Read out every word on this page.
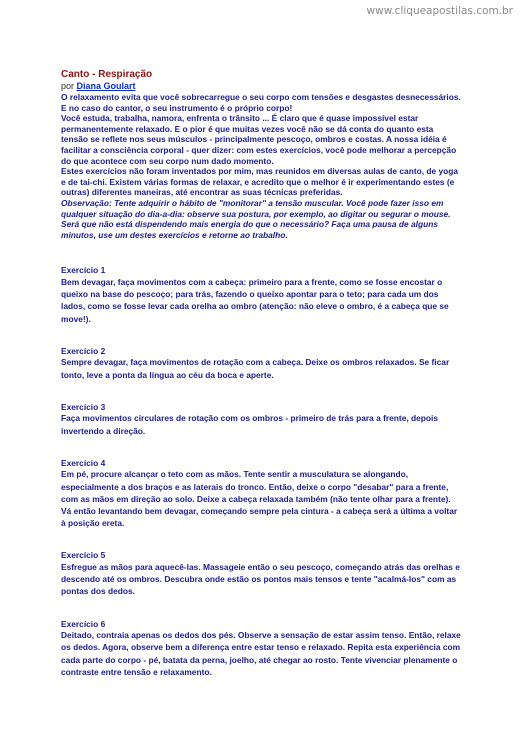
www.cliqueapostilas.com.br
Canto - Respiração
por Diana Goulart

O relaxamento evita que você sobrecarregue o seu corpo com tensões e desgastes desnecessários. E no caso do cantor, o seu instrumento é o próprio corpo!

Você estuda, trabalha, namora, enfrenta o trânsito ... É claro que é quase impossível estar permanentemente relaxado. E o pior é que muitas vezes você não se dá conta do quanto esta tensão se reflete nos seus músculos - principalmente pescoço, ombros e costas. A nossa idéia é facilitar a consciência corporal - quer dizer: com estes exercícios, você pode melhorar a percepção do que acontece com seu corpo num dado momento.

Estes exercícios não foram inventados por mim, mas reunidos em diversas aulas de canto, de yoga e de tai-chi. Existem várias formas de relaxar, e acredito que o melhor é ir experimentando estes (e outras) diferentes maneiras, até encontrar as suas técnicas preferidas.

Observação: Tente adquirir o hábito de "monitorar" a tensão muscular. Você pode fazer isso em qualquer situação do dia-a-dia: observe sua postura, por exemplo, ao digitar ou segurar o mouse. Será que não está dispendendo mais energia do que o necessário? Faça uma pausa de alguns minutos, use um destes exercícios e retorne ao trabalho.

Exercício 1

Bem devagar, faça movimentos com a cabeça: primeiro para a frente, como se fosse encostar o queixo na base do pescoço; para trás, fazendo o queixo apontar para o teto; para cada um dos lados, como se fosse levar cada orelha ao ombro (atenção: não eleve o ombro, é a cabeça que se move!).

Exercício 2

Sempre devagar, faça movimentos de rotação com a cabeça. Deixe os ombros relaxados. Se ficar tonto, leve a ponta da língua ao céu da boca e aperte.

Exercício 3

Faça movimentos circulares de rotação com os ombros - primeiro de trás para a frente, depois invertendo a direção.

Exercício 4

Em pé, procure alcançar o teto com as mãos. Tente sentir a musculatura se alongando, especialmente a dos braços e as laterais do tronco. Então, deixe o corpo "desabar" para a frente, com as mãos em direção ao solo. Deixe a cabeça relaxada também (não tente olhar para a frente). Vá então levantando bem devagar, começando sempre pela cintura - a cabeça será a última a voltar à posição ereta.

Exercício 5

Esfregue as mãos para aquecê-las. Massageie então o seu pescoço, começando atrás das orelhas e descendo até os ombros. Descubra onde estão os pontos mais tensos e tente "acalmá-los" com as pontas dos dedos.

Exercício 6

Deitado, contraia apenas os dedos dos pés. Observe a sensação de estar assim tenso. Então, relaxe os dedos. Agora, observe bem a diferença entre estar tenso e relaxado. Repita esta experiência com cada parte do corpo - pé, batata da perna, joelho, até chegar ao rosto. Tente vivenciar plenamente o contraste entre tensão e relaxamento.
